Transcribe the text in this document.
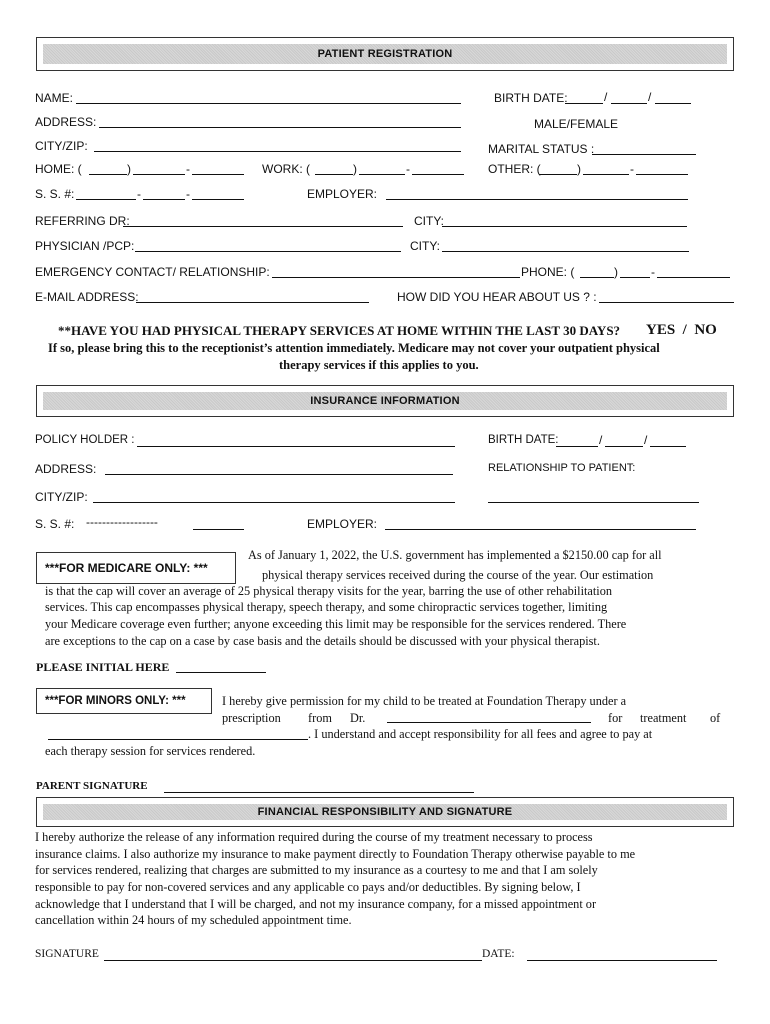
PATIENT REGISTRATION
NAME:	BIRTH DATE:	/	/
ADDRESS:	MALE/FEMALE
CITY/ZIP:	MARITAL STATUS :
HOME: (	)	-	WORK: (	)	-	OTHER: (	)	-
S. S. #:	-	-	EMPLOYER:
REFERRING DR:	CITY:
PHYSICIAN /PCP:	CITY:
EMERGENCY CONTACT/ RELATIONSHIP:	PHONE: (	)	-
E-MAIL ADDRESS:	HOW DID YOU HEAR ABOUT US ? :
**HAVE YOU HAD PHYSICAL THERAPY SERVICES AT HOME WITHIN THE LAST 30 DAYS? YES  /  NO
If so, please bring this to the receptionist’s attention immediately. Medicare may not cover your outpatient physical
therapy services if this applies to you.
INSURANCE INFORMATION
POLICY HOLDER :	BIRTH DATE:	/	/
ADDRESS:	RELATIONSHIP TO PATIENT:
CITY/ZIP:
S. S. #: ------------------	EMPLOYER:
***FOR MEDICARE ONLY: ***
As of January 1, 2022, the U.S. government has implemented a $2150.00 cap for all
physical therapy services received during the course of the year. Our estimation
is that the cap will cover an average of 25 physical therapy visits for the year, barring the use of other rehabilitation
services. This cap encompasses physical therapy, speech therapy, and some chiropractic services together, limiting
your Medicare coverage even further; anyone exceeding this limit may be responsible for the services rendered. There
are exceptions to the cap on a case by case basis and the details should be discussed with your physical therapist.
PLEASE INITIAL HERE
***FOR MINORS ONLY: ***	I hereby give permission for my child to be treated at Foundation Therapy under a
prescription from Dr.	for treatment of
. I understand and accept responsibility for all fees and agree to pay at
each therapy session for services rendered.
PARENT SIGNATURE
FINANCIAL RESPONSIBILITY AND SIGNATURE
I hereby authorize the release of any information required during the course of my treatment necessary to process
insurance claims. I also authorize my insurance to make payment directly to Foundation Therapy otherwise payable to me
for services rendered, realizing that charges are submitted to my insurance as a courtesy to me and that I am solely
responsible to pay for non-covered services and any applicable co pays and/or deductibles. By signing below, I
acknowledge that I understand that I will be charged, and not my insurance company, for a missed appointment or
cancellation within 24 hours of my scheduled appointment time.
SIGNATURE	DATE:
